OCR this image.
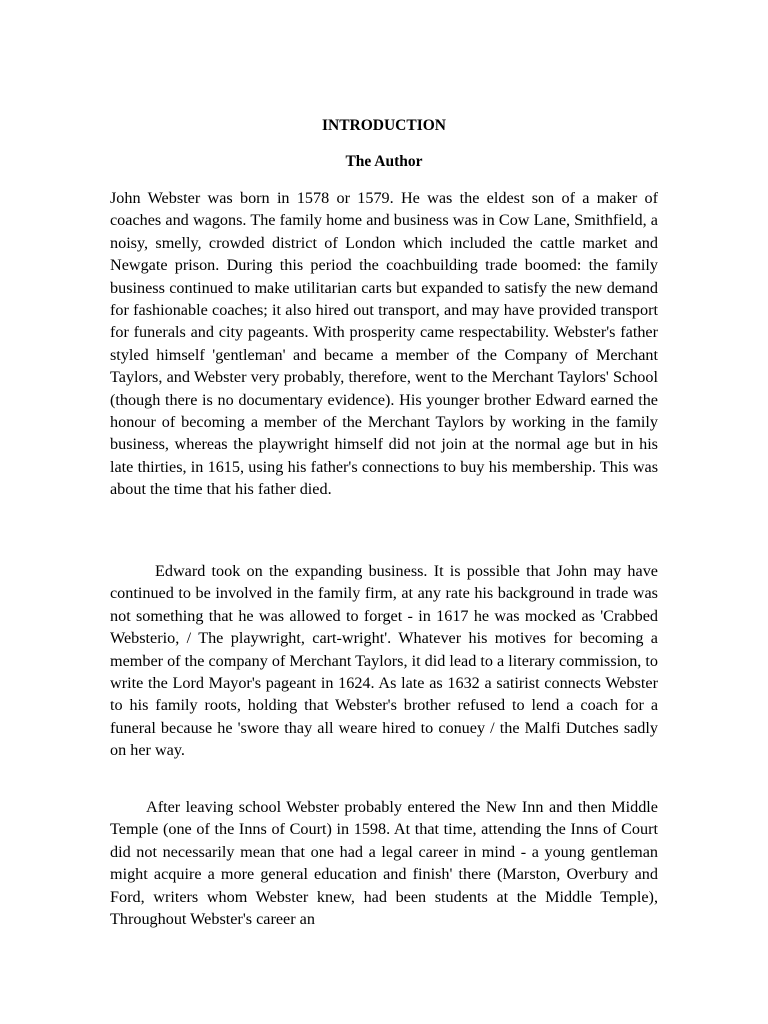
INTRODUCTION
The Author

John Webster was born in 1578 or 1579. He was the eldest son of a maker of coaches and wagons. The family home and business was in Cow Lane, Smithfield, a noisy, smelly, crowded district of London which included the cattle market and Newgate prison. During this period the coachbuilding trade boomed: the family business continued to make utilitarian carts but expanded to satisfy the new demand for fashionable coaches; it also hired out transport, and may have provided transport for funerals and city pageants. With prosperity came respectability. Webster's father styled himself 'gentleman' and became a member of the Company of Merchant Taylors, and Webster very probably, therefore, went to the Merchant Taylors' School (though there is no documentary evidence). His younger brother Edward earned the honour of becoming a member of the Merchant Taylors by working in the family business, whereas the playwright himself did not join at the normal age but in his late thirties, in 1615, using his father's connections to buy his membership. This was about the time that his father died.

Edward took on the expanding business. It is possible that John may have continued to be involved in the family firm, at any rate his background in trade was not something that he was allowed to forget - in 1617 he was mocked as 'Crabbed Websterio, / The playwright, cart-wright'. Whatever his motives for becoming a member of the company of Merchant Taylors, it did lead to a literary commission, to write the Lord Mayor's pageant in 1624. As late as 1632 a satirist connects Webster to his family roots, holding that Webster's brother refused to lend a coach for a funeral because he 'swore thay all weare hired to conuey / the Malfi Dutches sadly on her way.

After leaving school Webster probably entered the New Inn and then Middle Temple (one of the Inns of Court) in 1598. At that time, attending the Inns of Court did not necessarily mean that one had a legal career in mind - a young gentleman might acquire a more general education and finish' there (Marston, Overbury and Ford, writers whom Webster knew, had been students at the Middle Temple), Throughout Webster's career an
